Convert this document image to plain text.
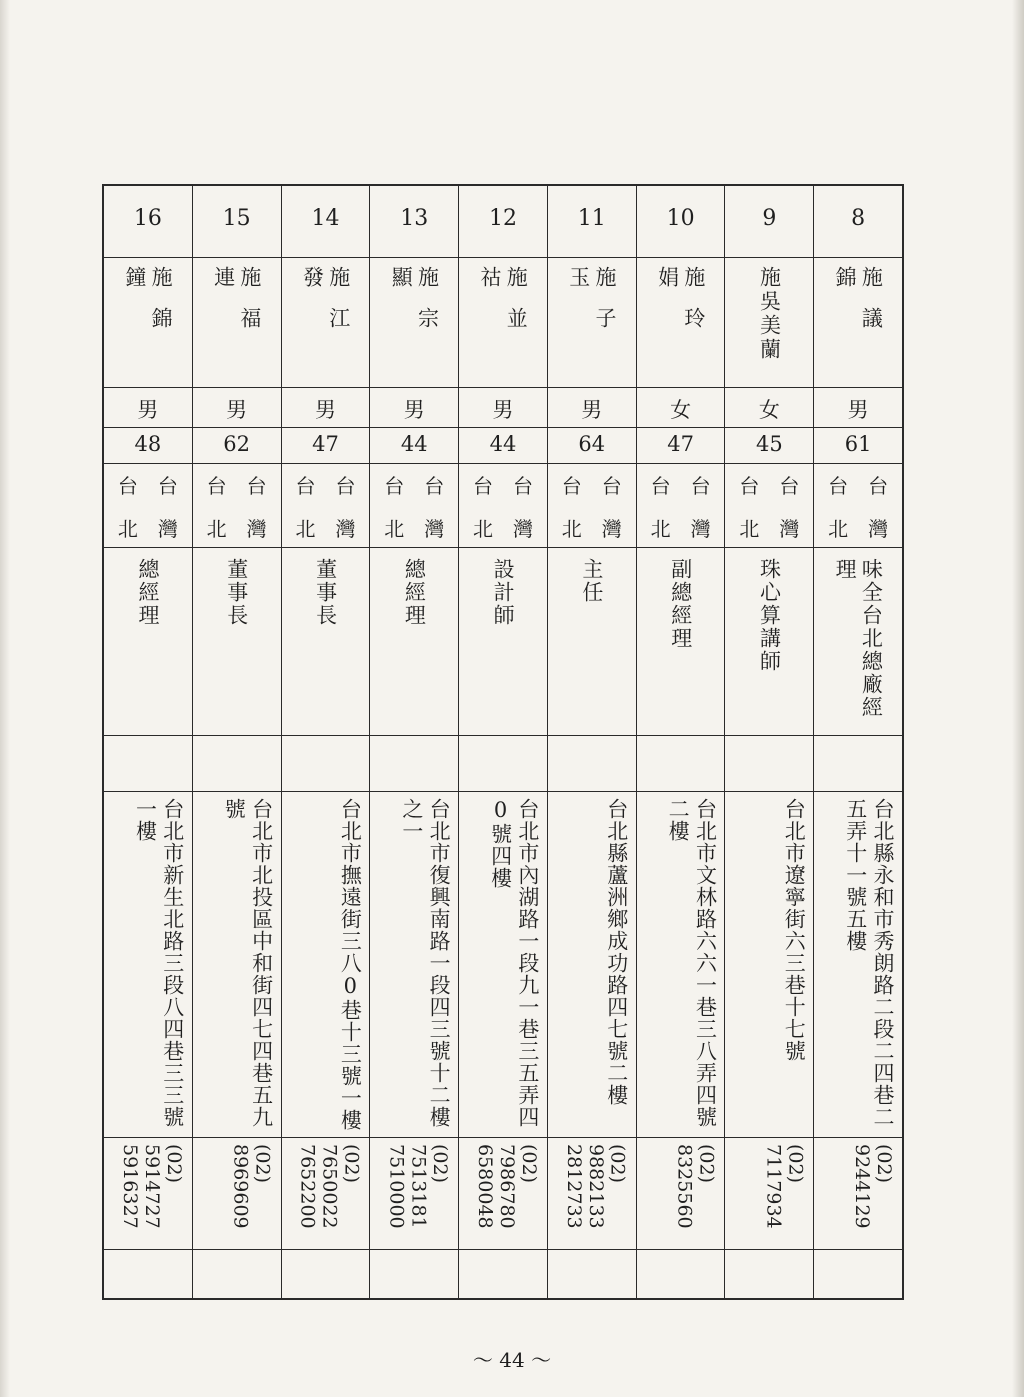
16
施錦鐘
男
48
台
北
台
灣
總經理
台北市新生北路三段八四巷三三號一樓
(02)
5914727
5916327
15
施福連
男
62
台
北
台
灣
董事長
台北市北投區中和街四七四巷五九號
(02)
8969609
14
施江發
男
47
台
北
台
灣
董事長
台北市撫遠街三八0巷十三號一樓
(02)
7650022
7652200
13
施宗顯
男
44
台
北
台
灣
總經理
台北市復興南路一段四三號十二樓之一
(02)
7513181
7510000
12
施並祜
男
44
台
北
台
灣
設計師
台北市內湖路一段九一巷三五弄四0號四樓
(02)
7986780
6580048
11
施子玉
男
64
台
北
台
灣
主任
台北縣蘆洲鄉成功路四七號二樓
(02)
9882133
2812733
10
施玲娟
女
47
台
北
台
灣
副總經理
台北市文林路六六一巷三八弄四號二樓
(02)
8325560
9
施吳美蘭
女
45
台
北
台
灣
珠心算講師
台北市遼寧街六三巷十七號
(02)
7117934
8
施議錦
男
61
台
北
台
灣
味全台北總廠經理
台北縣永和市秀朗路二段二四巷二五弄十一號五樓
(02)
9244129
～ 44 ～
